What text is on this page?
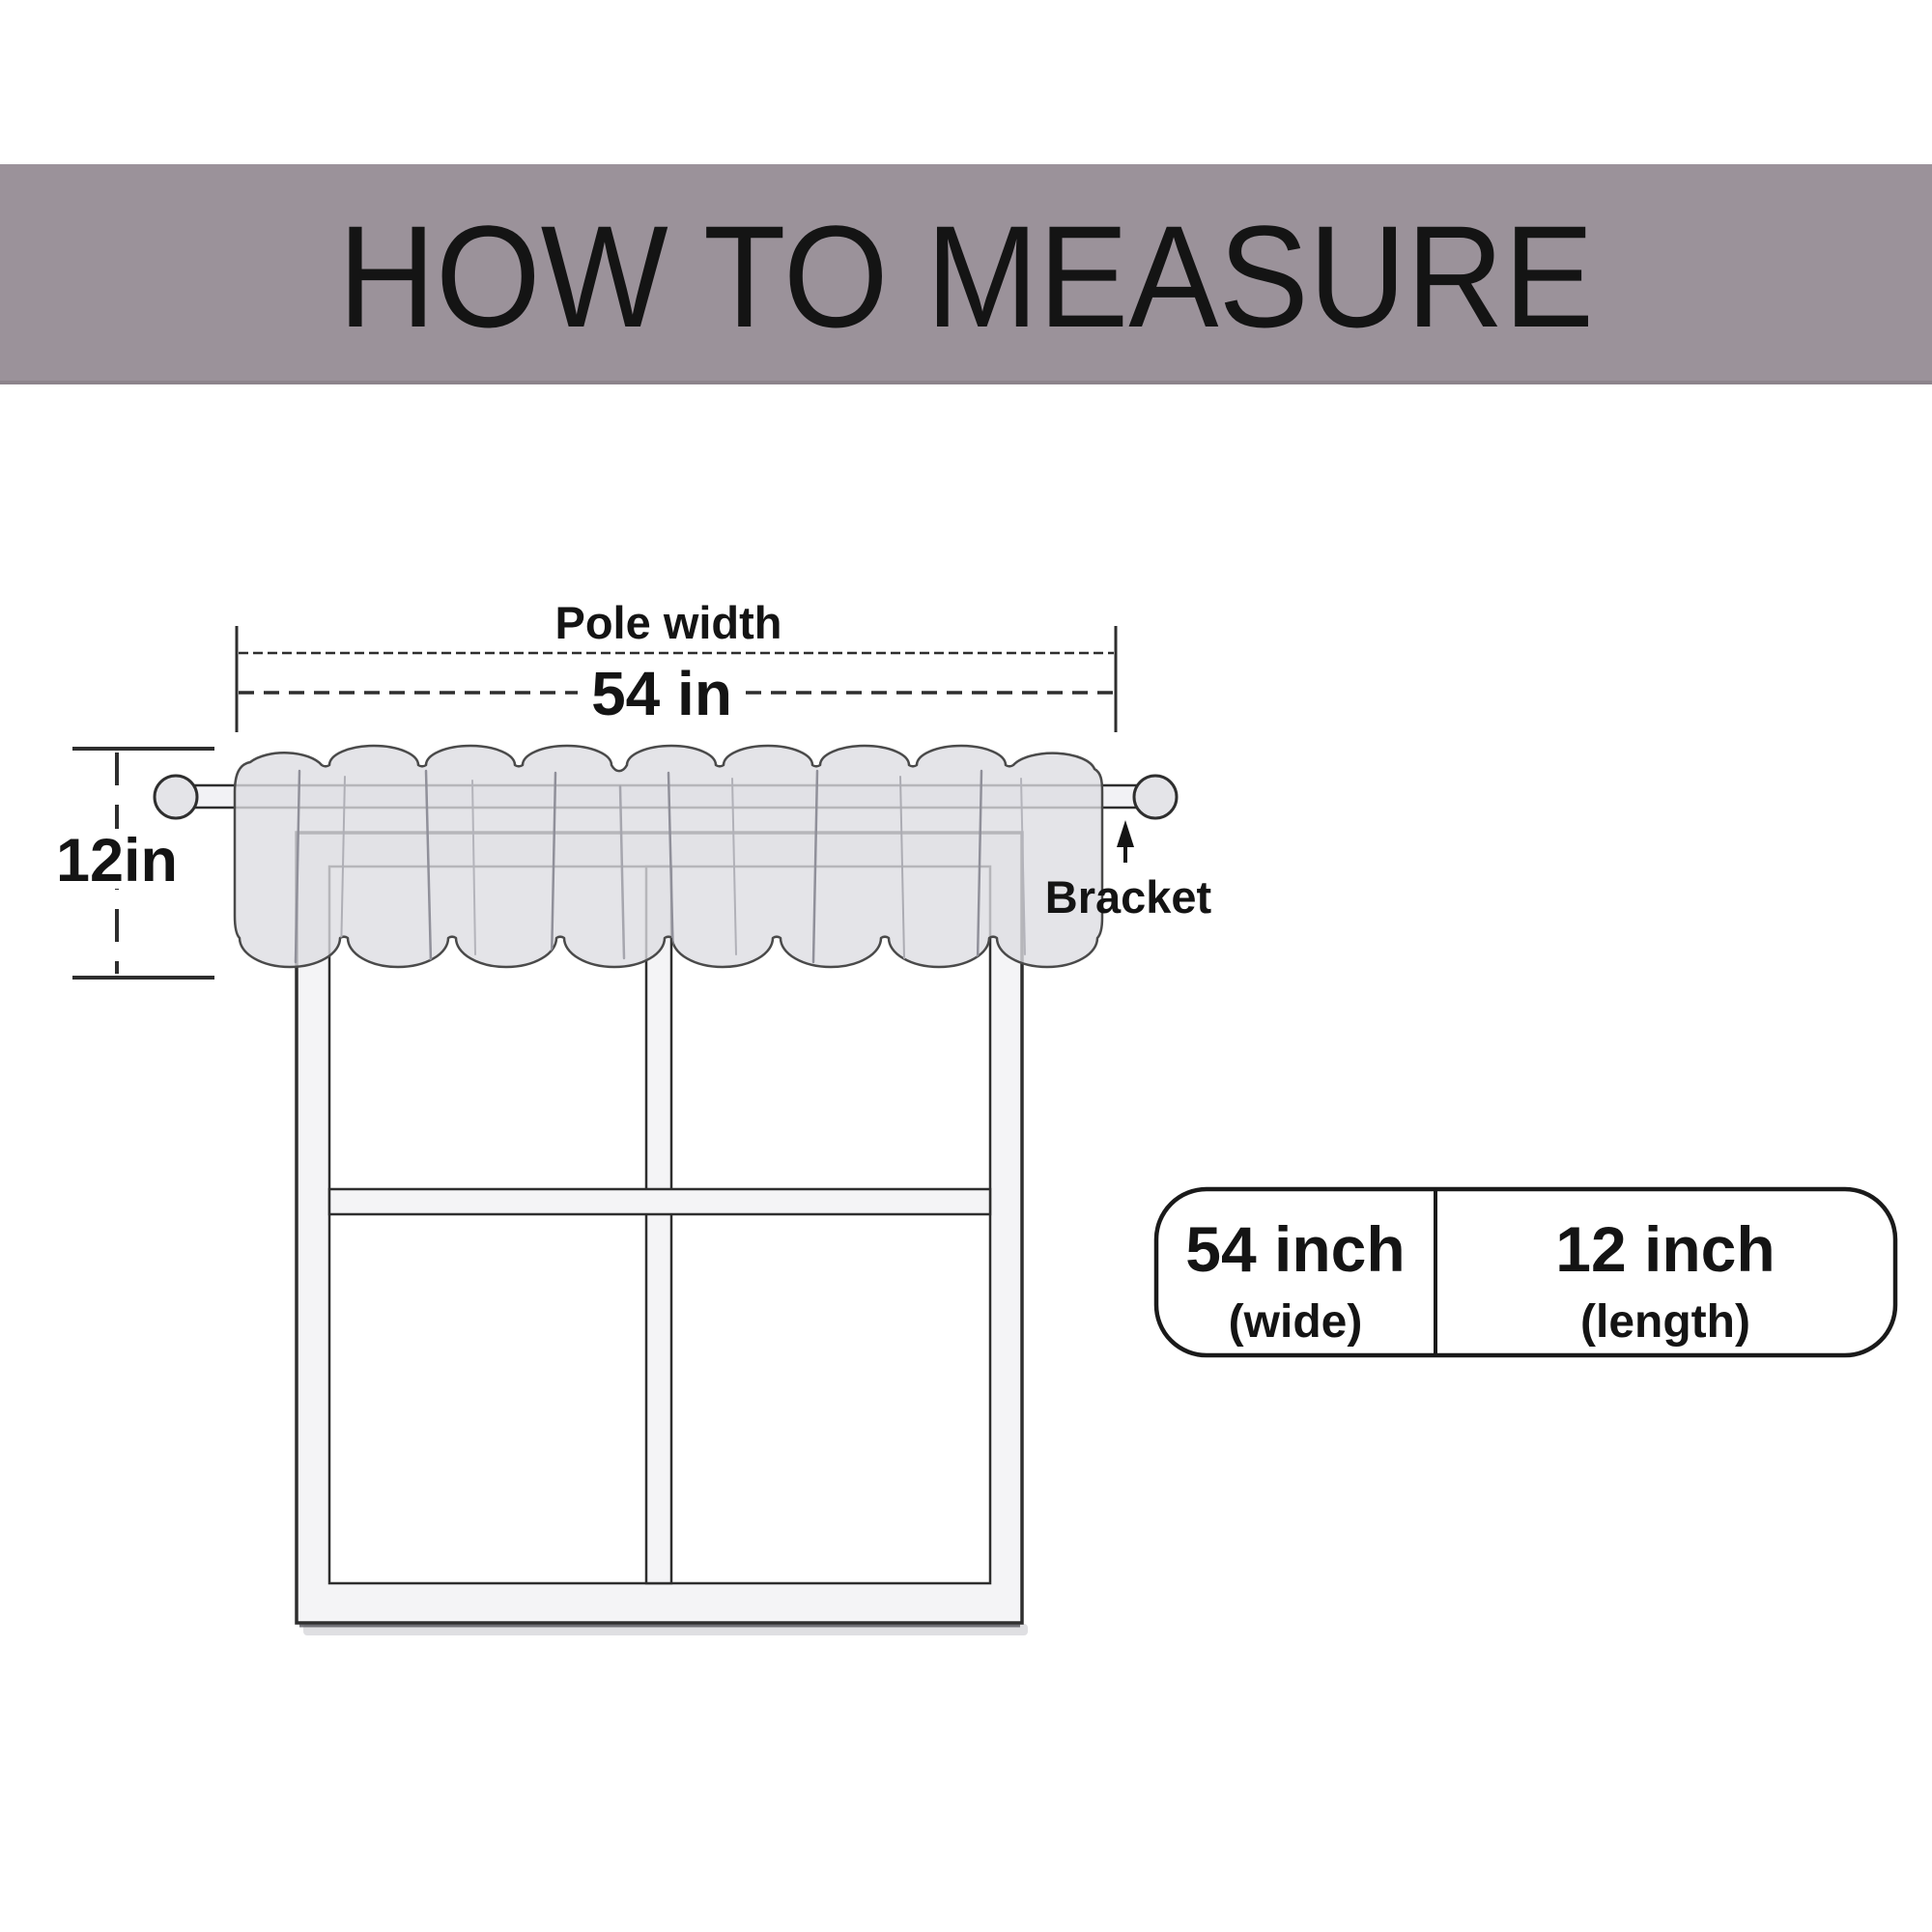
HOW TO MEASURE
Pole width
54 in
12in
Bracket
54 inch
(wide)
12 inch
(length)
